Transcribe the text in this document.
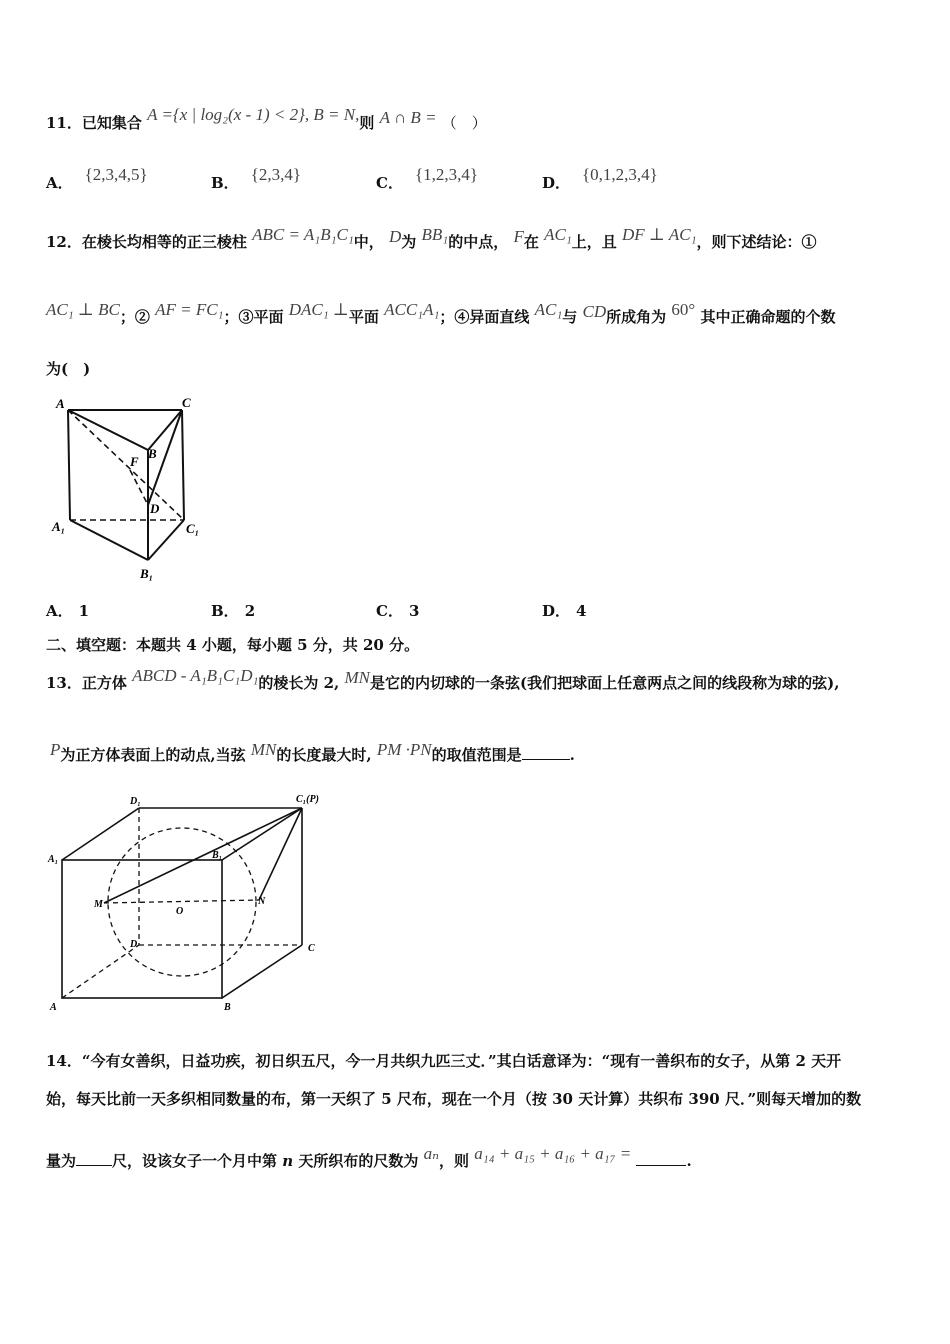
11．已知集合 A ={x | log₂(x - 1) < 2}, B = N,则 A ∩ B = （　）
A． {2,3,4,5}	B． {2,3,4}	C． {1,2,3,4}	D． {0,1,2,3,4}
12．在棱长均相等的正三棱柱 ABC = A₁B₁C₁中， D为 BB₁的中点， F在 AC₁上，且 DF ⊥ AC₁，则下述结论：①
AC₁ ⊥ BC；② AF = FC₁；③平面 DAC₁ ⊥平面 ACC₁A₁；④异面直线 AC₁与 CD所成角为 60° 其中正确命题的个数
为(　)
A	C
B
F
D
A₁	C₁
B₁
A． 1	B． 2	C． 3	D． 4
二、填空题：本题共 4 小题，每小题 5 分，共 20 分。
13．正方体 ABCD - A₁B₁C₁D₁的棱长为 2, MN是它的内切球的一条弦(我们把球面上任意两点之间的线段称为球的弦),
P为正方体表面上的动点,当弦 MN的长度最大时, PM ·PN的取值范围是	.
D₁	C₁(P)
A₁	B₁
M
O
N
D	C
A	B
14．“今有女善织，日益功疾，初日织五尺，今一月共织九匹三丈．”其白话意译为：“现有一善织布的女子，从第 2 天开
始，每天比前一天多织相同数量的布，第一天织了 5 尺布，现在一个月（按 30 天计算）共织布 390 尺．”则每天增加的数
量为 尺，设该女子一个月中第 n 天所织布的尺数为 aₙ，则 a₁₄ + a₁₅ + a₁₆ + a₁₇ =	.
